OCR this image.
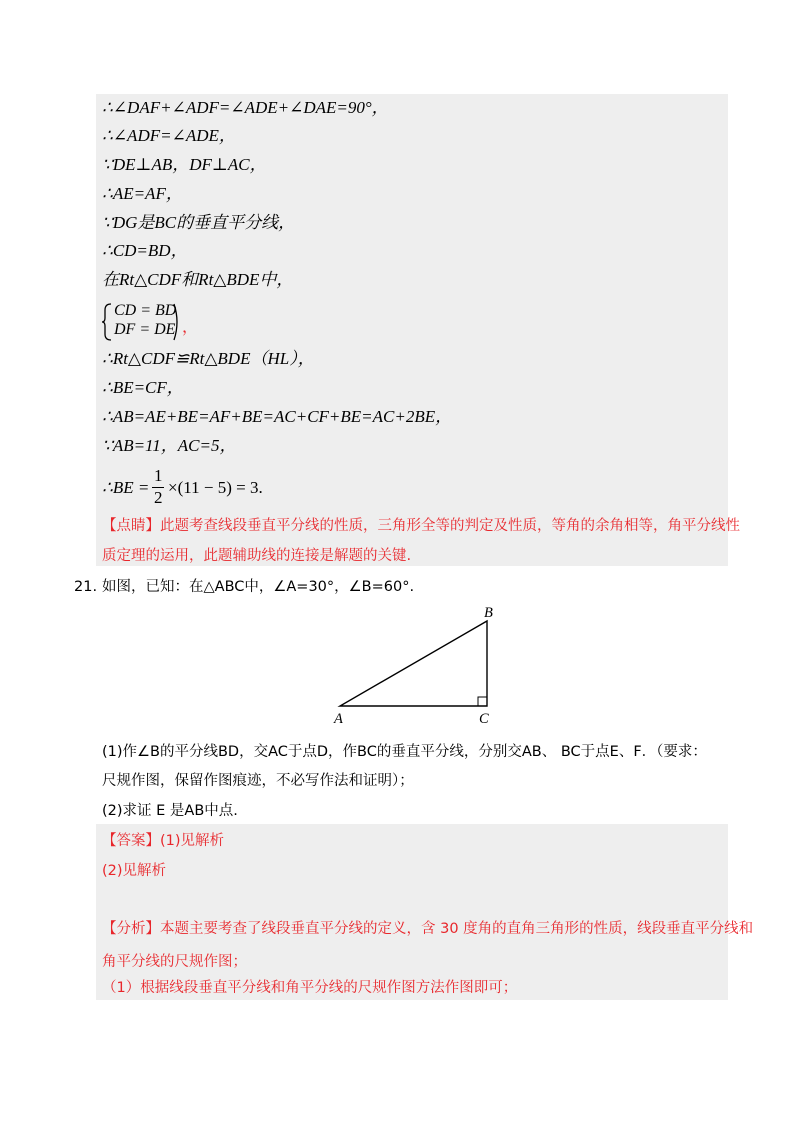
∴∠DAF+∠ADF=∠ADE+∠DAE=90°，
∴∠ADF=∠ADE，
∵DE⊥AB，DF⊥AC，
∴AE=AF，
∵DG是BC的垂直平分线，
∴CD=BD，
在Rt△CDF和Rt△BDE中，
CD = BD
DF = DE ，
∴Rt△CDF≌Rt△BDE（HL），
∴BE=CF，
∴AB=AE+BE=AF+BE=AC+CF+BE=AC+2BE，
∵AB=11，AC=5，
∴BE =
1
2
×(11 − 5) = 3.
【点睛】此题考查线段垂直平分线的性质，三角形全等的判定及性质，等角的余角相等，角平分线性
质定理的运用，此题辅助线的连接是解题的关键.
21. 如图，已知：在△ABC中，∠A=30°，∠B=60°.
B
A	C
(1)作∠B的平分线BD，交AC于点D，作BC的垂直平分线，分别交AB、 BC于点E、F．（要求：
尺规作图，保留作图痕迹，不必写作法和证明）；
(2)求证 E 是AB中点.
【答案】(1)见解析
(2)见解析
【分析】本题主要考查了线段垂直平分线的定义，含 30 度角的直角三角形的性质，线段垂直平分线和
角平分线的尺规作图；
（1）根据线段垂直平分线和角平分线的尺规作图方法作图即可；
